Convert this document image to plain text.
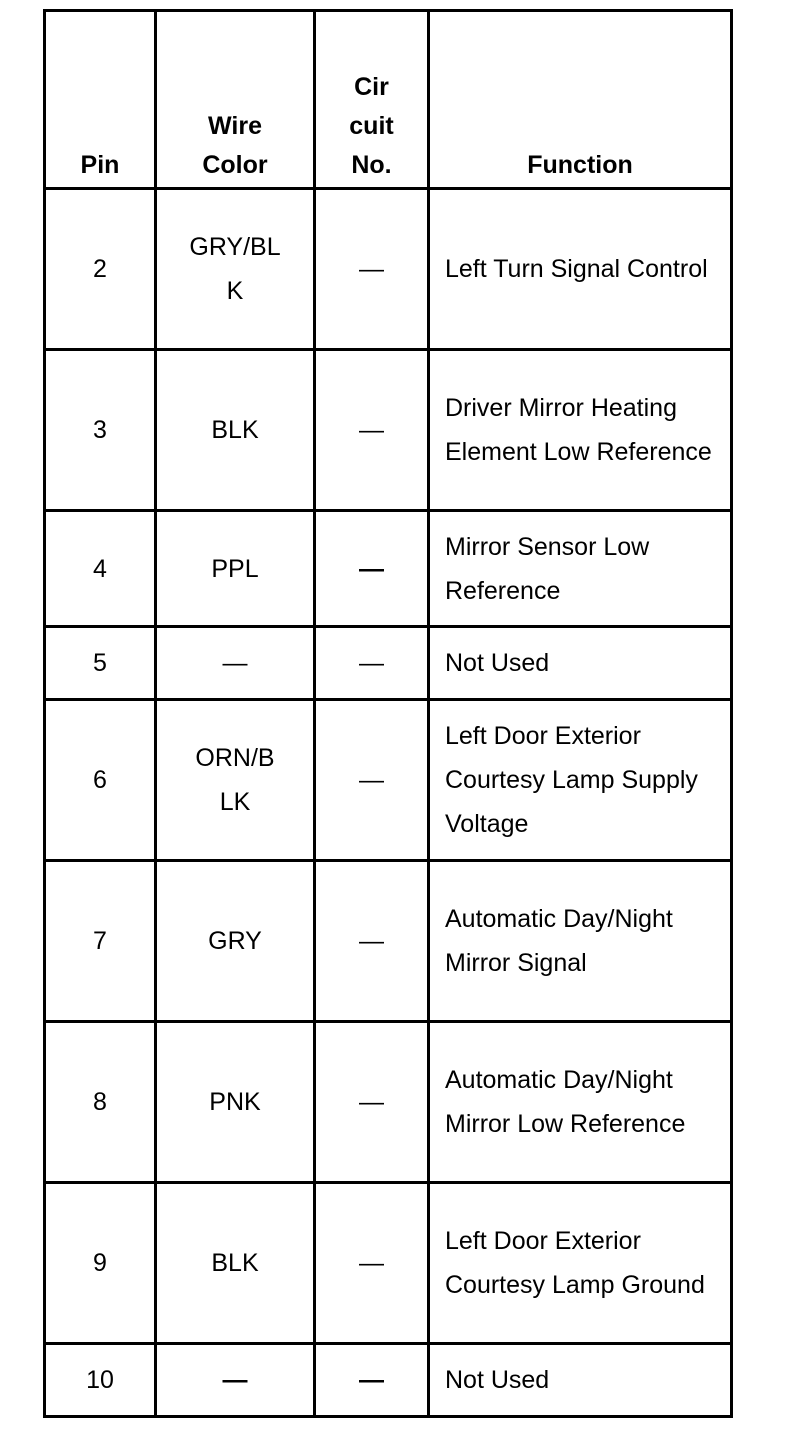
Pin	Wire Color	Cir cuit No.	Function
2	GRY/BLK	—	Left Turn Signal Control
3	BLK	—	Driver Mirror Heating Element Low Reference
4	PPL	—	Mirror Sensor Low Reference
5	—	—	Not Used
6	ORN/BLK	—	Left Door Exterior Courtesy Lamp Supply Voltage
7	GRY	—	Automatic Day/Night Mirror Signal
8	PNK	—	Automatic Day/Night Mirror Low Reference
9	BLK	—	Left Door Exterior Courtesy Lamp Ground
10	—	—	Not Used
